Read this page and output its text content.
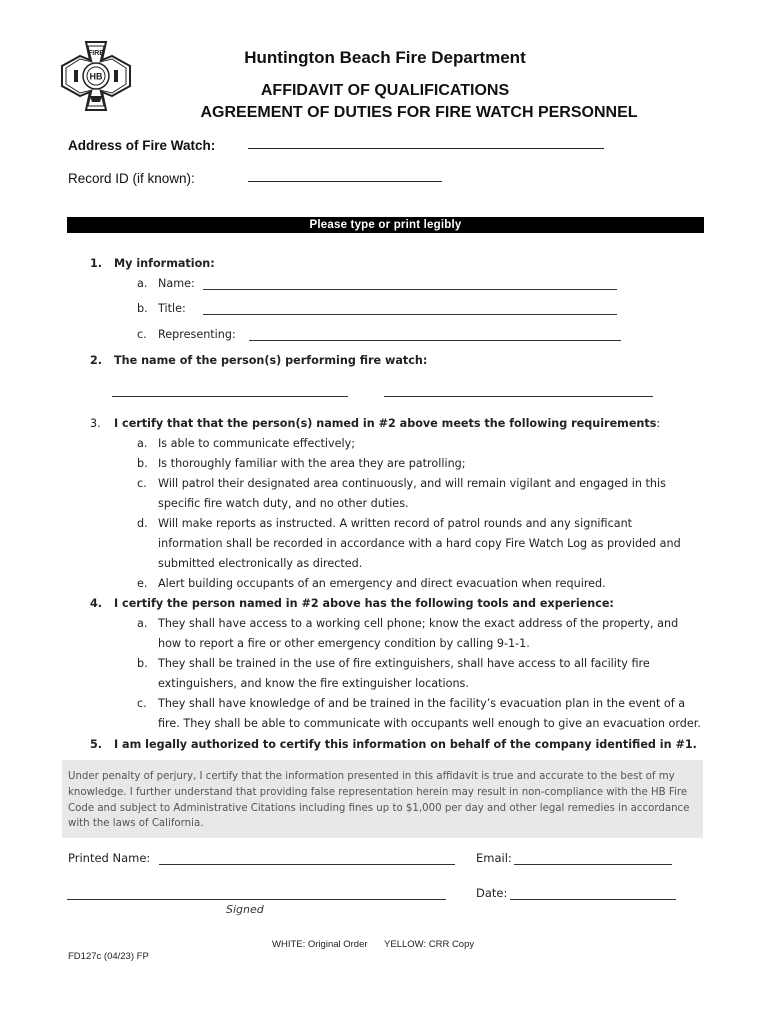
FIRE
HB
Huntington Beach Fire Department
AFFIDAVIT OF QUALIFICATIONS
AGREEMENT OF DUTIES FOR FIRE WATCH PERSONNEL
Address of Fire Watch:
Record ID (if known):
Please type or print legibly
1. My information:
a. Name:
b. Title:
c. Representing:
2. The name of the person(s) performing fire watch:
3. I certify that that the person(s) named in #2 above meets the following requirements:
a. Is able to communicate effectively;
b. Is thoroughly familiar with the area they are patrolling;
c. Will patrol their designated area continuously, and will remain vigilant and engaged in this
specific fire watch duty, and no other duties.
d. Will make reports as instructed. A written record of patrol rounds and any significant
information shall be recorded in accordance with a hard copy Fire Watch Log as provided and
submitted electronically as directed.
e. Alert building occupants of an emergency and direct evacuation when required.
4. I certify the person named in #2 above has the following tools and experience:
a. They shall have access to a working cell phone; know the exact address of the property, and
how to report a fire or other emergency condition by calling 9-1-1.
b. They shall be trained in the use of fire extinguishers, shall have access to all facility fire
extinguishers, and know the fire extinguisher locations.
c. They shall have knowledge of and be trained in the facility’s evacuation plan in the event of a
fire. They shall be able to communicate with occupants well enough to give an evacuation order.
5. I am legally authorized to certify this information on behalf of the company identified in #1.
Under penalty of perjury, I certify that the information presented in this affidavit is true and accurate to the best of my
knowledge. I further understand that providing false representation herein may result in non-compliance with the HB Fire
Code and subject to Administrative Citations including fines up to $1,000 per day and other legal remedies in accordance
with the laws of California.
Printed Name:	Email:
Date:
Signed
WHITE: Original Order YELLOW: CRR Copy
FD127c (04/23) FP
